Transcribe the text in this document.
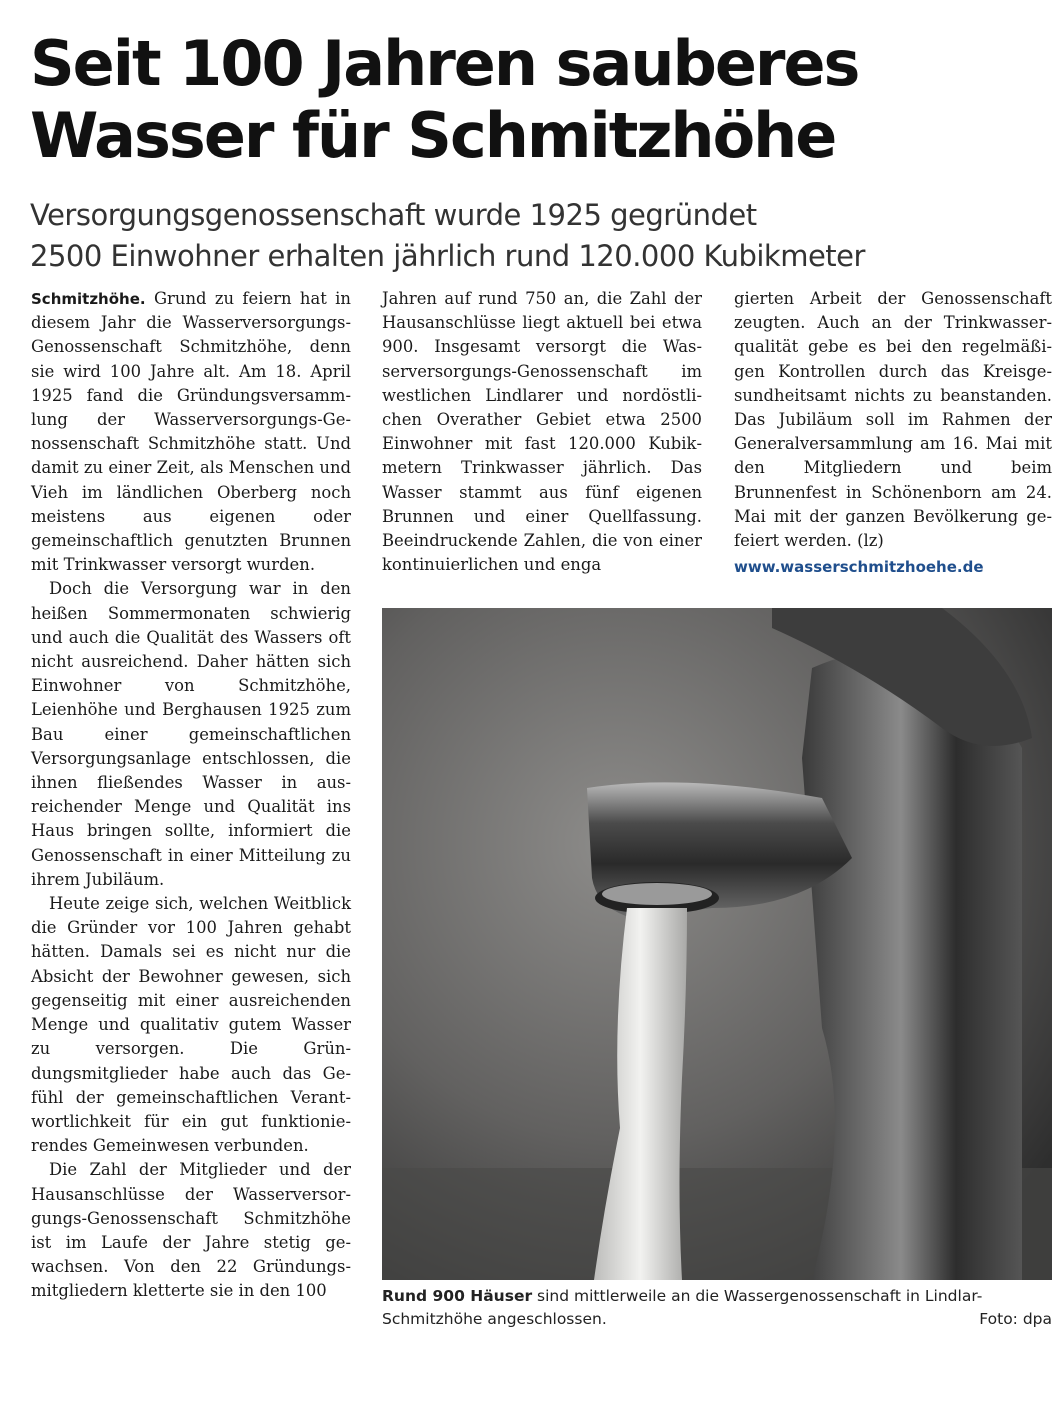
Seit 100 Jahren sauberes
Wasser für Schmitzhöhe
Versorgungsgenossenschaft wurde 1925 gegründet
2500 Einwohner erhalten jährlich rund 120.000 Kubikmeter

Schmitzhöhe. Grund zu feiern hat in diesem Jahr die Wasserversorgungs-Genossenschaft Schmitzhöhe, denn sie wird 100 Jahre alt. Am 18. April 1925 fand die Gründungsversammlung der Wasserversorgungs-Genossenschaft Schmitzhöhe statt. Und damit zu einer Zeit, als Menschen und Vieh im ländlichen Oberberg noch meistens aus eigenen oder gemeinschaftlich genutzten Brunnen mit Trinkwasser versorgt wurden.

Doch die Versorgung war in den heißen Sommermonaten schwierig und auch die Qualität des Wassers oft nicht ausreichend. Daher hätten sich Einwohner von Schmitzhöhe, Leienhöhe und Berghausen 1925 zum Bau einer gemeinschaftlichen Versorgungsanlage entschlossen, die ihnen fließendes Wasser in ausreichender Menge und Qualität ins Haus bringen sollte, informiert die Genossenschaft in einer Mitteilung zu ihrem Jubiläum.

Heute zeige sich, welchen Weitblick die Gründer vor 100 Jahren gehabt hätten. Damals sei es nicht nur die Absicht der Bewohner gewesen, sich gegenseitig mit einer ausreichenden Menge und qualitativ gutem Wasser zu versorgen. Die Gründungsmitglieder habe auch das Gefühl der gemeinschaftlichen Verantwortlichkeit für ein gut funktionierendes Gemeinwesen verbunden.

Die Zahl der Mitglieder und der Hausanschlüsse der Wasserversorgungs-Genossenschaft Schmitzhöhe ist im Laufe der Jahre stetig gewachsen. Von den 22 Gründungsmitgliedern kletterte sie in den 100

Jahren auf rund 750 an, die Zahl der Hausanschlüsse liegt aktuell bei etwa 900. Insgesamt versorgt die Wasserversorgungs-Genossenschaft im westlichen Lindlarer und nordöstlichen Overather Gebiet etwa 2500 Einwohner mit fast 120.000 Kubikmetern Trinkwasser jährlich. Das Wasser stammt aus fünf eigenen Brunnen und einer Quellfassung. Beeindruckende Zahlen, die von einer kontinuierlichen und enga

gierten Arbeit der Genossenschaft zeugten. Auch an der Trinkwasserqualität gebe es bei den regelmäßigen Kontrollen durch das Kreisgesundheitsamt nichts zu beanstanden. Das Jubiläum soll im Rahmen der Generalversammlung am 16. Mai mit den Mitgliedern und beim Brunnenfest in Schönenborn am 24. Mai mit der ganzen Bevölkerung gefeiert werden. (lz)

www.wasserschmitzhoehe.de
Rund 900 Häuser sind mittlerweile an die Wassergenossenschaft in Lindlar-Schmitzhöhe angeschlossen.	Foto: dpa
